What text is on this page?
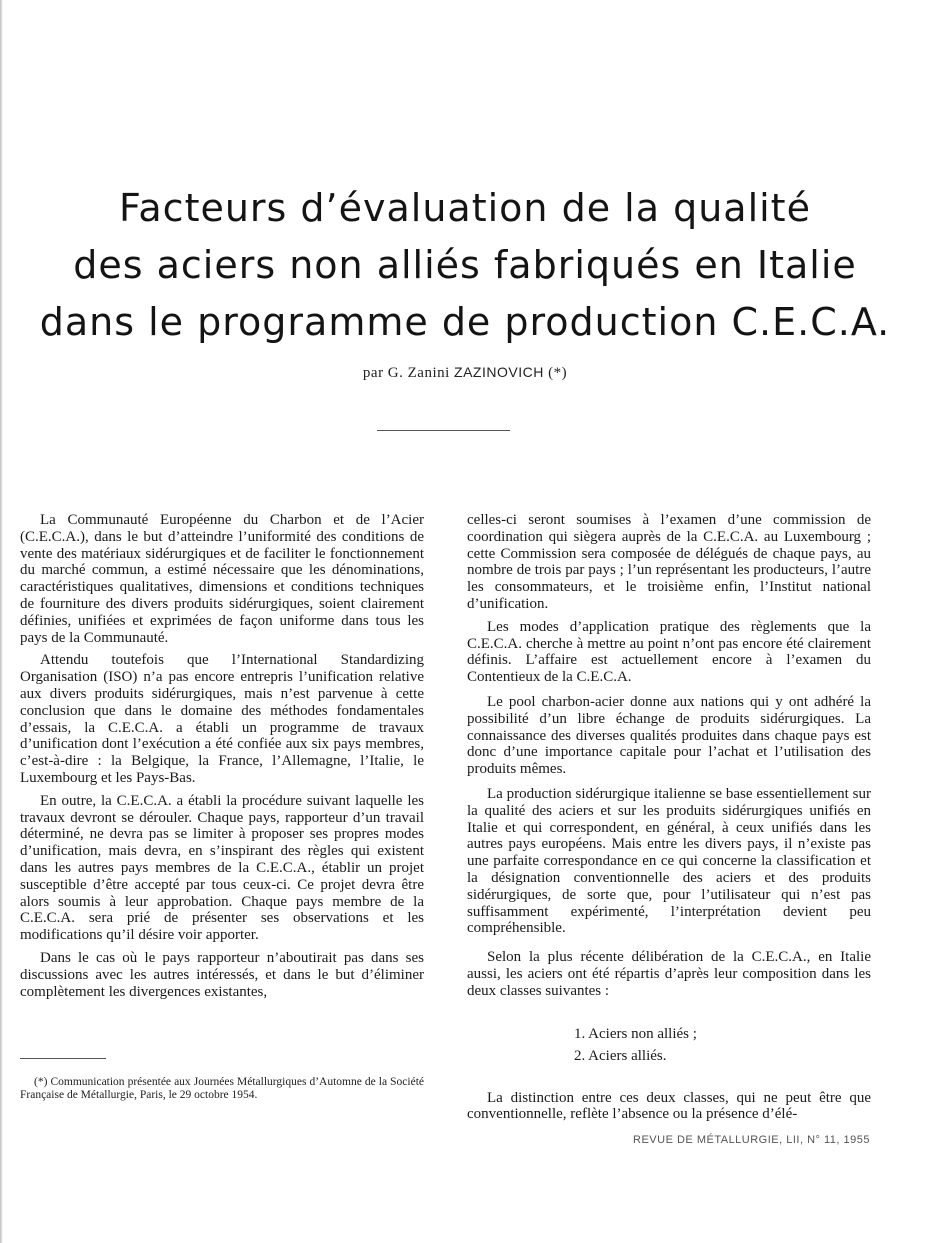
Facteurs d’évaluation de la qualité
des aciers non alliés fabriqués en Italie
dans le programme de production C.E.C.A.
par G. Zanini ZAZINOVICH (*)

La Communauté Européenne du Charbon et de l’Acier (C.E.C.A.), dans le but d’atteindre l’uniformité des conditions de vente des matériaux sidérurgiques et de faciliter le fonctionnement du marché commun, a estimé nécessaire que les dénominations, caractéristiques qualitatives, dimensions et conditions techniques de fourniture des divers produits sidérurgiques, soient clairement définies, unifiées et exprimées de façon uniforme dans tous les pays de la Communauté.

Attendu toutefois que l’International Standardizing Organisation (ISO) n’a pas encore entrepris l’unification relative aux divers produits sidérurgiques, mais n’est parvenue à cette conclusion que dans le domaine des méthodes fondamentales d’essais, la C.E.C.A. a établi un programme de travaux d’unification dont l’exécution a été confiée aux six pays membres, c’est-à-dire : la Belgique, la France, l’Allemagne, l’Italie, le Luxembourg et les Pays-Bas.

En outre, la C.E.C.A. a établi la procédure suivant laquelle les travaux devront se dérouler. Chaque pays, rapporteur d’un travail déterminé, ne devra pas se limiter à proposer ses propres modes d’unification, mais devra, en s’inspirant des règles qui existent dans les autres pays membres de la C.E.C.A., établir un projet susceptible d’être accepté par tous ceux-ci. Ce projet devra être alors soumis à leur approbation. Chaque pays membre de la C.E.C.A. sera prié de présenter ses observations et les modifications qu’il désire voir apporter.

Dans le cas où le pays rapporteur n’aboutirait pas dans ses discussions avec les autres intéressés, et dans le but d’éliminer complètement les divergences existantes,

celles-ci seront soumises à l’examen d’une commission de coordination qui siègera auprès de la C.E.C.A. au Luxembourg ; cette Commission sera composée de délégués de chaque pays, au nombre de trois par pays ; l’un représentant les producteurs, l’autre les consommateurs, et le troisième enfin, l’Institut national d’unification.

Les modes d’application pratique des règlements que la C.E.C.A. cherche à mettre au point n’ont pas encore été clairement définis. L’affaire est actuellement encore à l’examen du Contentieux de la C.E.C.A.

Le pool charbon-acier donne aux nations qui y ont adhéré la possibilité d’un libre échange de produits sidérurgiques. La connaissance des diverses qualités produites dans chaque pays est donc d’une importance capitale pour l’achat et l’utilisation des produits mêmes.

La production sidérurgique italienne se base essentiellement sur la qualité des aciers et sur les produits sidérurgiques unifiés en Italie et qui correspondent, en général, à ceux unifiés dans les autres pays européens. Mais entre les divers pays, il n’existe pas une parfaite correspondance en ce qui concerne la classification et la désignation conventionnelle des aciers et des produits sidérurgiques, de sorte que, pour l’utilisateur qui n’est pas suffisamment expérimenté, l’interprétation devient peu compréhensible.

Selon la plus récente délibération de la C.E.C.A., en Italie aussi, les aciers ont été répartis d’après leur composition dans les deux classes suivantes :

1. Aciers non alliés ;
2. Aciers alliés.

La distinction entre ces deux classes, qui ne peut être que conventionnelle, reflète l’absence ou la présence d’élé-

(*) Communication présentée aux Journées Métallurgiques d’Automne de la Société Française de Métallurgie, Paris, le 29 octobre 1954.

REVUE DE MÉTALLURGIE, LII, N° 11, 1955
